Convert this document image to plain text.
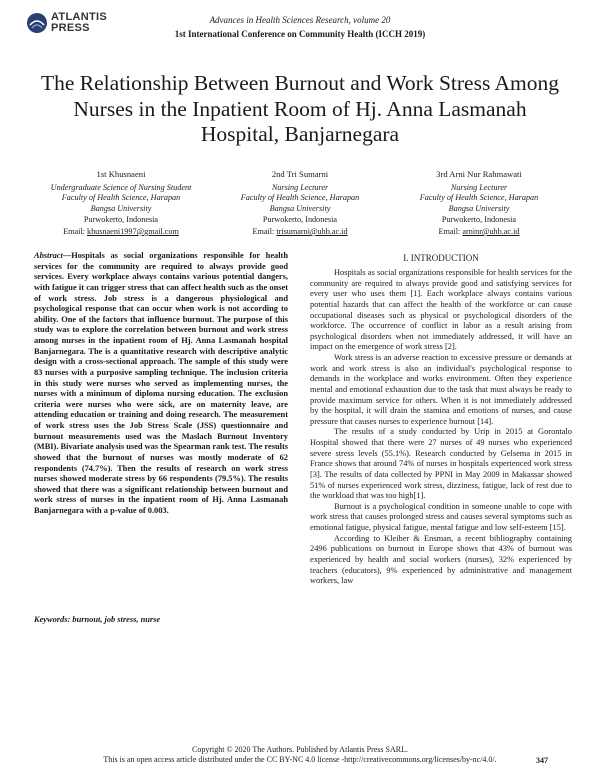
ATLANTIS
PRESS
Advances in Health Sciences Research, volume 20
1st International Conference on Community Health (ICCH 2019)
The Relationship Between Burnout and Work Stress Among Nurses in the Inpatient Room of Hj. Anna Lasmanah Hospital, Banjarnegara
1st Khusnaeni
Undergraduate Science of Nursing Student
Faculty of Health Science, Harapan
Bangsa University
Purwokerto, Indonesia
Email: khusnaeni1997@gmail.com
2nd Tri Sumarni
Nursing Lecturer
Faculty of Health Science, Harapan
Bangsa University
Purwokerto, Indonesia
Email: trisumarni@uhb.ac.id
3rd Arni Nur Rahmawati
Nursing Lecturer
Faculty of Health Science, Harapan
Bangsa University
Purwokerto, Indonesia
Email: arninr@uhb.ac.id
Abstract—Hospitals as social organizations responsible for health services for the community are required to always provide good services. Every workplace always contains various potential dangers, with fatigue it can trigger stress that can affect health such as the onset of work stress. Job stress is a dangerous physiological and psychological response that can occur when work is not according to ability. One of the factors that influence burnout. The purpose of this study was to explore the correlation between burnout and work stress among nurses in the inpatient room of Hj. Anna Lasmanah hospital Banjarnegara. The is a quantitative research with descriptive analytic design with a cross-sectional approach. The sample of this study were 83 nurses with a purposive sampling technique. The inclusion criteria in this study were nurses who served as implementing nurses, the nurses with a minimum of diploma nursing education. The exclusion criteria were nurses who were sick, are on maternity leave, are attending education or training and doing research. The measurement of work stress uses the Job Stress Scale (JSS) questionnaire and burnout measurements used was the Maslach Burnout Inventory (MBI). Bivariate analysis used was the Spearman rank test. The results showed that the burnout of nurses was mostly moderate of 62 respondents (74.7%). Then the results of research on work stress nurses showed moderate stress by 66 respondents (79.5%). The results showed that there was a significant relationship between burnout and work stress of nurses in the inpatient room of Hj. Anna Lasmanah Banjarnegara with a p-value of 0.003.
Keywords: burnout, job stress, nurse
I. INTRODUCTION

Hospitals as social organizations responsible for health services for the community are required to always provide good and satisfying services for every user who uses them [1]. Each workplace always contains various potential hazards that can affect the health of the workforce or can cause occupational diseases such as physical or psychological disorders of the workforce. The occurrence of conflict in labor as a result arising from psychological disorders when not immediately addressed, it will have an impact on the emergence of work stress [2].

Work stress is an adverse reaction to excessive pressure or demands at work and work stress is also an individual's psychological response to demands in the workplace and works environment. Often they experience mental and emotional exhaustion due to the task that must always be ready to provide maximum service for others. When it is not immediately addressed by the hospital, it will drain the stamina and emotions of nurses, and cause pressure that causes nurses to experience burnout [14].

The results of a study conducted by Urip in 2015 at Gorontalo Hospital showed that there were 27 nurses of 49 nurses who experienced severe stress levels (55.1%). Research conducted by Gelsema in 2015 in France shows that around 74% of nurses in hospitals experienced work stress [3]. The results of data collected by PPNI in May 2009 in Makassar showed 51% of nurses experienced work stress, dizziness, fatigue, lack of rest due to the workload that was too high[1].

Burnout is a psychological condition in someone unable to cope with work stress that causes prolonged stress and causes several symptoms such as emotional fatigue, physical fatigue, mental fatigue and low self-esteem [15].

According to Kleiber & Ensman, a recent bibliography containing 2496 publications on burnout in Europe shows that 43% of burnout was experienced by health and social workers (nurses), 32% experienced by teachers (educators), 9% experienced by administrative and management workers, law

Copyright © 2020 The Authors. Published by Atlantis Press SARL.
This is an open access article distributed under the CC BY-NC 4.0 license -http://creativecommons.org/licenses/by-nc/4.0/.	347
